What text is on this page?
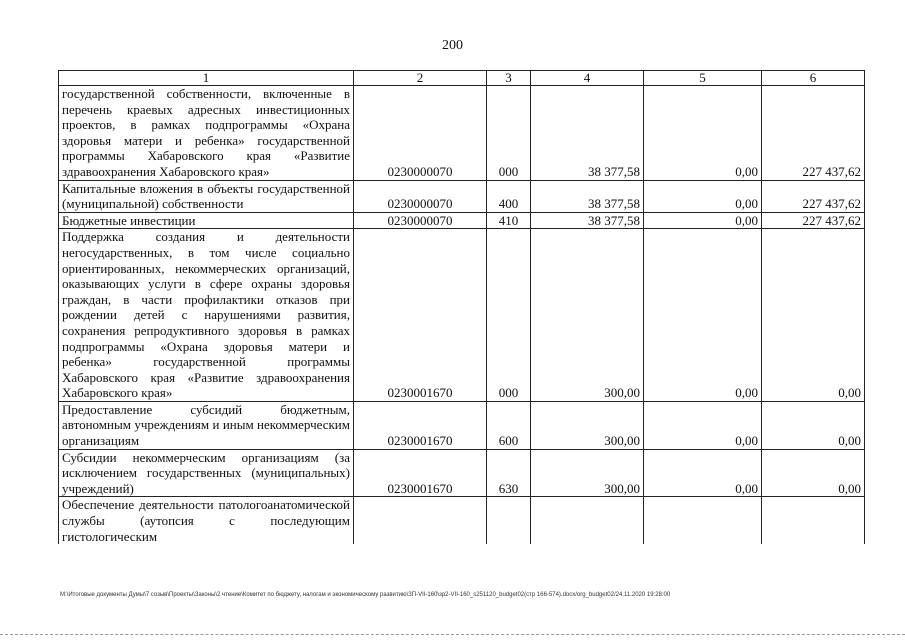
200
1	2	3	4	5	6
государственной собственности, включенные в перечень краевых адресных инвестиционных проектов, в рамках подпрограммы «Охрана здоровья матери и ребенка» государственной программы Хабаровского края «Развитие здравоохранения Хабаровского края»	0230000070	000	38 377,58	0,00	227 437,62
Капитальные вложения в объекты государственной (муниципальной) собственности	0230000070	400	38 377,58	0,00	227 437,62
Бюджетные инвестиции	0230000070	410	38 377,58	0,00	227 437,62
Поддержка создания и деятельности негосударственных, в том числе социально ориентированных, некоммерческих организаций, оказывающих услуги в сфере охраны здоровья граждан, в части профилактики отказов при рождении детей с нарушениями развития, сохранения репродуктивного здоровья в рамках подпрограммы «Охрана здоровья матери и ребенка» государственной программы Хабаровского края «Развитие здравоохранения Хабаровского края»	0230001670	000	300,00	0,00	0,00
Предоставление субсидий бюджетным, автономным учреждениям и иным некоммерческим организациям	0230001670	600	300,00	0,00	0,00
Субсидии некоммерческим организациям (за исключением государственных (муниципальных) учреждений)	0230001670	630	300,00	0,00	0,00
Обеспечение деятельности патологоанатомической службы (аутопсия с последующим гистологическим					
M:\Итоговые документы Думы\7 созыв\Проекты\Законы\2 чтение\Комитет по бюджету, налогам и экономическому развитию\ЗП-VII-160\зр2-VII-160_s251120_budget02(стр 166-574).docx/org_budget02/24.11.2020 19:28:00
